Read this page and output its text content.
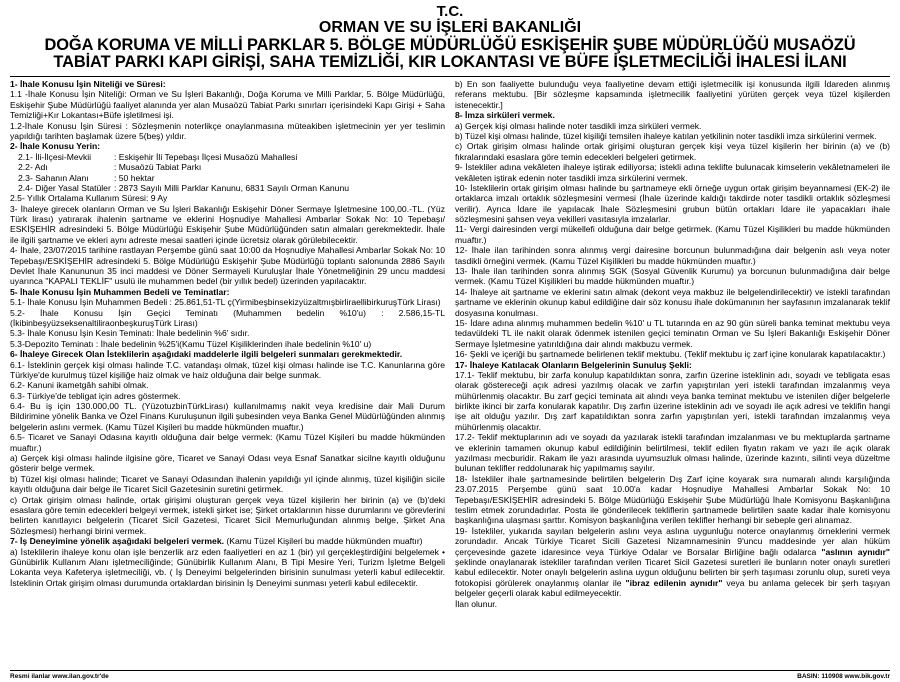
T.C.
ORMAN VE SU İŞLERİ BAKANLIĞI
DOĞA KORUMA VE MİLLİ PARKLAR 5. BÖLGE MÜDÜRLÜĞÜ ESKİŞEHİR ŞUBE MÜDÜRLÜĞÜ MUSAÖZÜ
TABİAT PARKI KAPI GİRİŞİ, SAHA TEMİZLİĞİ, KIR LOKANTASI VE BÜFE İŞLETMECİLİĞİ İHALESİ İLANI

1- İhale Konusu İşin Niteliği ve Süresi:

1.1 -İhale Konusu İşin Niteliği: Orman ve Su İşleri Bakanlığı, Doğa Koruma ve Milli Parklar, 5. Bölge Müdürlüğü, Eskişehir Şube Müdürlüğü faaliyet alanında yer alan Musaözü Tabiat Parkı sınırları içerisindeki Kapı Girişi + Saha Temizliği+Kır Lokantası+Büfe işletilmesi işi.

1.2-İhale Konusu İşin Süresi : Sözleşmenin noterlikçe onaylanmasına müteakiben işletmecinin yer yer teslimin yapıldığı tarihten başlamak üzere 5(beş) yıldır.

2- İhale Konusu Yerin:

2.1- İli-İlçesi-Mevkii	: Eskişehir İli Tepebaşı İlçesi Musaözü Mahallesi
2.2- Adı	: Musaözü Tabiat Parkı
2.3- Sahanın Alanı	: 50 hektar
2.4- Diğer Yasal Statüler : 2873 Sayılı Milli Parklar Kanunu, 6831 Sayılı Orman Kanunu

2.5- Yıllık Ortalama Kullanım Süresi: 9 Ay

3- İhaleye girecek olanların Orman ve Su İşleri Bakanlığı Eskişehir Döner Sermaye İşletmesine 100,00.-TL. (Yüz Türk lirası) yatırarak ihalenin şartname ve eklerini Hoşnudiye Mahallesi Ambarlar Sokak No: 10 Tepebaşı/ ESKİŞEHİR adresindeki 5. Bölge Müdürlüğü Eskişehir Şube Müdürlüğünden satın almaları gerekmektedir. İhale ile ilgili şartname ve ekleri aynı adreste mesai saatleri içinde ücretsiz olarak görülebilecektir.

4- İhale, 23/07/2015 tarihine rastlayan Perşembe günü saat 10:00 da Hoşnudiye Mahallesi Ambarlar Sokak No: 10 Tepebaşı/ESKİŞEHİR adresindeki 5. Bölge Müdürlüğü Eskişehir Şube Müdürlüğü toplantı salonunda 2886 Sayılı Devlet İhale Kanununun 35 inci maddesi ve Döner Sermayeli Kuruluşlar İhale Yönetmeliğinin 29 uncu maddesi uyarınca "KAPALI TEKLİF" usulü ile muhammen bedel (bir yıllık bedel) üzerinden yapılacaktır.

5- İhale Konusu İşin Muhammen Bedeli ve Teminatlar:

5.1- İhale Konusu İşin Muhammen Bedeli : 25.861,51-TL ç(YirmibeşbinsekizyüzaltmışbirliraellibirkuruşTürk Lirası)

5.2- İhale Konusu İşin Geçici Teminatı (Muhammen bedelin %10'u) : 2.586,15-TL (İkibinbeşyüzseksenaltiliraonbeşkuruşTürk Lirası)

5.3- İhale Konusu İşin Kesin Teminatı: İhale bedelinin %6' sıdır.

5.3-Depozito Teminatı : İhale bedelinin %25'i(Kamu Tüzel Kişiliklerinden ihale bedelinin %10' u)

6- İhaleye Girecek Olan İsteklilerin aşağıdaki maddelerle ilgili belgeleri sunmaları gerekmektedir.

6.1- İsteklinin gerçek kişi olması halinde T.C. vatandaşı olmak, tüzel kişi olması halinde ise T.C. Kanunlarına göre Türkiye'de kurulmuş tüzel kişiliğe haiz olmak ve haiz olduğuna dair belge sunmak.

6.2- Kanuni ikametgâh sahibi olmak.

6.3- Türkiye'de tebligat için adres göstermek.

6.4- Bu iş için 130.000,00 TL. (YüzotuzbinTürkLirası) kullanılmamış nakit veya kredisine dair Mali Durum Bildirimine yönelik Banka ve Özel Finans Kuruluşunun ilgili şubesinden veya Banka Genel Müdürlüğünden alınmış belgelerin aslını vermek. (Kamu Tüzel Kişileri bu madde hükmünden muaftır.)

6.5- Ticaret ve Sanayi Odasına kayıtlı olduğuna dair belge vermek: (Kamu Tüzel Kişileri bu madde hükmünden muaftır.)

a) Gerçek kişi olması halinde ilgisine göre, Ticaret ve Sanayi Odası veya Esnaf Sanatkar sicilne kayıtlı olduğunu gösterir belge vermek.

b) Tüzel kişi olması halinde; Ticaret ve Sanayi Odasından ihalenin yapıldığı yıl içinde alınmış, tüzel kişiliğin sicile kayıtlı olduğuna dair belge ile Ticaret Sicil Gazetesinin suretini getirmek.

c) Ortak girişim olması halinde, ortak girişimi oluşturan gerçek veya tüzel kişilerin her birinin (a) ve (b)'deki esaslara göre temin edecekleri belgeyi vermek, istekli şirket ise; Şirket ortaklarının hisse durumlarını ve görevlerini belirten kanıtlayıcı belgelerin (Ticaret Sicil Gazetesi, Ticaret Sicil Memurluğundan alınmış belge, Şirket Ana Sözleşmesi) herhangi birini vermek.

7- İş Deneyimine yönelik aşağıdaki belgeleri vermek. (Kamu Tüzel Kişileri bu madde hükmünden muaftır)

a) İsteklilerin ihaleye konu olan işle benzerlik arz eden faaliyetleri en az 1 (bir) yıl gerçekleştirdiğini belgelemek • Günübirlik Kullanım Alanı işletmeciliğinde; Günübirlik Kullanım Alanı, B Tipi Mesire Yeri, Turizm İşletme Belgeli Lokanta veya Kafeterya işletmeciliği, vb. ( İş Deneyimi belgelerinden birisinin sunulması yeterli kabul edilecektir. İsteklinin Ortak girişim olması durumunda ortaklardan birisinin İş Deneyimi sunması yeterli kabul edilecektir.

b) En son faaliyette bulunduğu veya faaliyetine devam ettiği işletmecilik işi konusunda ilgili İdareden alınmış referans mektubu. [Bir sözleşme kapsamında işletmecilik faaliyetini yürüten gerçek veya tüzel kişilerden istenecektir.]

8- İmza sirküleri vermek.

a) Gerçek kişi olması halinde noter tasdikli imza sirküleri vermek.

b) Tüzel kişi olması halinde, tüzel kişiliği temsilen ihaleye katılan yetkilinin noter tasdikli imza sirkülerini vermek.

c) Ortak girişim olması halinde ortak girişimi oluşturan gerçek kişi veya tüzel kişilerin her birinin (a) ve (b) fıkralarındaki esaslara göre temin edecekleri belgeleri getirmek.

9- İstekliler adına vekâleten ihaleye iştirak ediliyorsa; istekli adına teklifte bulunacak kimselerin vekâletnameleri ile vekâleten iştirak edenin noter tasdikli imza sirkülerini vermek.

10- İsteklilerin ortak girişim olması halinde bu şartnameye ekli örneğe uygun ortak girişim beyannamesi (EK-2) ile ortaklarca imzalı ortaklık sözleşmesini vermesi (İhale üzerinde kaldığı takdirde noter tasdikli ortaklık sözleşmesi verilir). Ayrıca İdare ile yapılacak İhale Sözleşmesini grubun bütün ortakları İdare ile yapacakları ihale sözleşmesini şahsen veya vekilleri vasıtasıyla imzalarlar.

11- Vergi dairesinden vergi mükellefi olduğuna dair belge getirmek. (Kamu Tüzel Kişilikleri bu madde hükmünden muaftır.)

12- İhale ilan tarihinden sonra alınmış vergi dairesine borcunun bulunmadığına dair belgenin aslı veya noter tasdikli örneğini vermek. (Kamu Tüzel Kişilikleri bu madde hükmünden muaftır.)

13- İhale ilan tarihinden sonra alınmış SGK (Sosyal Güvenlik Kurumu) ya borcunun bulunmadığına dair belge vermek. (Kamu Tüzel Kişilikleri bu madde hükmünden muaftır.)

14- İhaleye ait şartname ve eklerini satın almak (dekont veya makbuz ile belgelendirilecektir) ve istekli tarafından şartname ve eklerinin okunup kabul edildiğine dair söz konusu ihale dokümanının her sayfasının imzalanarak teklif dosyasına konulması.

15- İdare adına alınmış muhammen bedelin %10' u TL tutarında en az 90 gün süreli banka teminat mektubu veya tedavüldeki TL ile nakit olarak ödenmek istenilen geçici teminatın Orman ve Su İşleri Bakanlığı Eskişehir Döner Sermaye İşletmesine yatırıldığına dair alındı makbuzu vermek.

16- Şekli ve içeriği bu şartnamede belirlenen teklif mektubu. (Teklif mektubu iç zarf içine konularak kapatılacaktır.)

17- İhaleye Katılacak Olanların Belgelerinin Sunuluş Şekli:

17.1- Teklif mektubu, bir zarfa konulup kapatıldıktan sonra, zarfın üzerine isteklinin adı, soyadı ve tebligata esas olarak göstereceği açık adresi yazılmış olacak ve zarfın yapıştırılan yeri istekli tarafından imzalanmış veya mühürlenmiş olacaktır. Bu zarf geçici teminata ait alındı veya banka teminat mektubu ve istenilen diğer belgelerle birlikte ikinci bir zarfa konularak kapatılır. Dış zarfın üzerine isteklinin adı ve soyadı ile açık adresi ve teklifin hangi işe ait olduğu yazılır. Dış zarf kapatıldıktan sonra zarfın yapıştırılan yeri, istekli tarafından imzalanmış veya mühürlenmiş olacaktır.

17.2- Teklif mektuplarının adı ve soyadı da yazılarak istekli tarafından imzalanması ve bu mektuplarda şartname ve eklerinin tamamen okunup kabul edildiğinin belirtilmesi, teklif edilen fiyatın rakam ve yazı ile açık olarak yazılması mecburidir. Rakam ile yazı arasında uyumsuzluk olması halinde, üzerinde kazıntı, silinti veya düzeltme bulunan teklifler reddolunarak hiç yapılmamış sayılır.

18- İstekliler ihale şartnamesinde belirtilen belgelerin Dış Zarf içine koyarak sıra numaralı alındı karşılığında 23.07.2015 Perşembe günü saat 10.00'a kadar Hoşnudiye Mahallesi Ambarlar Sokak No: 10 Tepebaşı/ESKİŞEHİR adresindeki 5. Bölge Müdürlüğü Eskişehir Şube Müdürlüğü İhale Komisyonu Başkanlığına teslim etmek zorundadırlar. Posta ile gönderilecek tekliflerin şartnamede belirtilen saate kadar ihale komisyonu başkanlığına ulaşması şarttır. Komisyon başkanlığına verilen teklifler herhangi bir sebeple geri alınamaz.

19- İstekliler, yukarıda sayılan belgelerin aslını veya aslına uygunluğu noterce onaylanmış örneklerini vermek zorundadır. Ancak Türkiye Ticaret Sicili Gazetesi Nizamnamesinin 9'uncu maddesinde yer alan hüküm çerçevesinde gazete idaresince veya Türkiye Odalar ve Borsalar Birliğine bağlı odalarca "aslının aynıdır" şeklinde onaylanarak istekliler tarafından verilen Ticaret Sicil Gazetesi suretleri ile bunların noter onaylı suretleri kabul edilecektir. Noter onaylı belgelerin aslına uygun olduğunu belirten bir şerh taşıması zorunlu olup, sureti veya fotokopisi görülerek onaylanmış olanlar ile "ibraz edilenin aynıdır" veya bu anlama gelecek bir şerh taşıyan belgeler geçerli olarak kabul edilmeyecektir.

İlan olunur.

Resmi ilanlar www.ilan.gov.tr'de	BASIN: 110908 www.bik.gov.tr
